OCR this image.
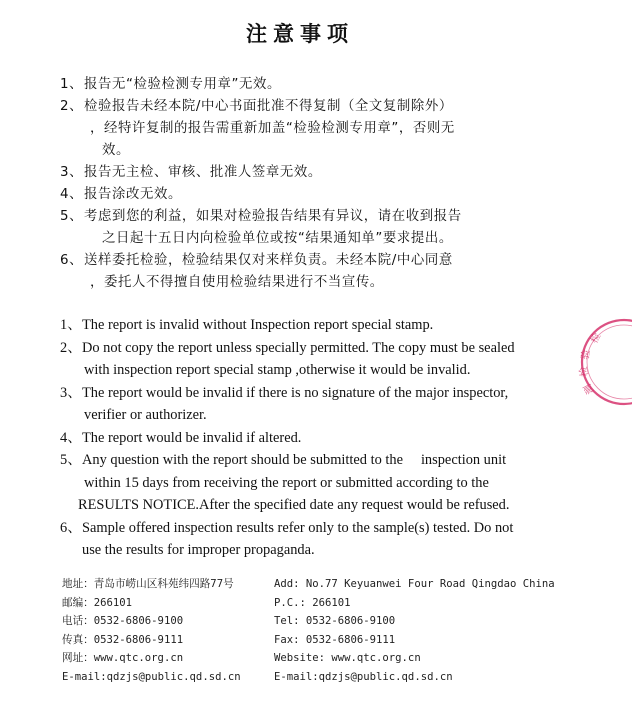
注意事项
1、 报告无“检验检测专用章”无效。
2、 检验报告未经本院/中心书面批准不得复制（全文复制除外）
，经特许复制的报告需重新加盖“检验检测专用章”，否则无
效。
3、 报告无主检、审核、批准人签章无效。
4、 报告涂改无效。
5、 考虑到您的利益，如果对检验报告结果有异议，请在收到报告
之日起十五日内向检验单位或按“结果通知单”要求提出。
6、 送样委托检验，检验结果仅对来样负责。未经本院/中心同意
，委托人不得擅自使用检验结果进行不当宣传。
1、 The report is invalid without Inspection report special stamp.
2、 Do not copy the report unless specially permitted. The copy must be sealed
with inspection report special stamp ,otherwise it would be invalid.
3、 The report would be invalid if there is no signature of the major inspector,
verifier or authorizer.
4、 The report would be invalid if altered.
5、 Any question with the report should be submitted to the     inspection unit
within 15 days from receiving the report or submitted according to the
RESULTS NOTICE.After the specified date any request would be refused.
6、 Sample offered inspection results refer only to the sample(s) tested. Do not
use the results for improper propaganda.
地址：青岛市崂山区科苑纬四路77号	Add: No.77 Keyuanwei Four Road Qingdao China
邮编：266101	P.C.: 266101
电话：0532-6806-9100	Tel: 0532-6806-9100
传真：0532-6806-9111	Fax: 0532-6806-9111
网址：www.qtc.org.cn	Website: www.qtc.org.cn
E-mail:qdzjs@public.qd.sd.cn	E-mail:qdzjs@public.qd.sd.cn
检
验
检
测
